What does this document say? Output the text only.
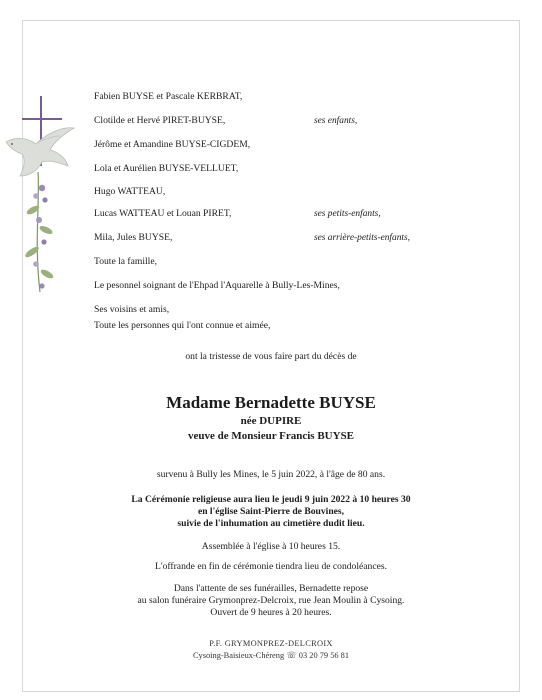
Fabien BUYSE et Pascale KERBRAT,
Clotilde et Hervé PIRET-BUYSE,	ses enfants,
Jérôme et Amandine BUYSE-CIGDEM,
Lola et Aurélien BUYSE-VELLUET,
Hugo WATTEAU,
Lucas WATTEAU et Louan PIRET,	ses petits-enfants,
Mila, Jules BUYSE,	ses arrière-petits-enfants,
Toute la famille,
Le pesonnel soignant de l'Ehpad l'Aquarelle à Bully-Les-Mines,
Ses voisins et amis,
Toute les personnes qui l'ont connue et aimée,
ont la tristesse de vous faire part du décès de
Madame Bernadette BUYSE
née DUPIRE
veuve de Monsieur Francis BUYSE
survenu à Bully les Mines, le 5 juin 2022, à l'âge de 80 ans.
La Cérémonie religieuse aura lieu le jeudi 9 juin 2022 à 10 heures 30
en l'église Saint-Pierre de Bouvines,
suivie de l'inhumation au cimetière dudit lieu.
Assemblée à l'église à 10 heures 15.
L'offrande en fin de cérémonie tiendra lieu de condoléances.
Dans l'attente de ses funérailles, Bernadette repose
au salon funéraire Grymonprez-Delcroix, rue Jean Moulin à Cysoing.
Ouvert de 9 heures à 20 heures.
P.F. GRYMONPREZ-DELCROIX
Cysoing-Baisieux-Chéreng ☏ 03 20 79 56 81
